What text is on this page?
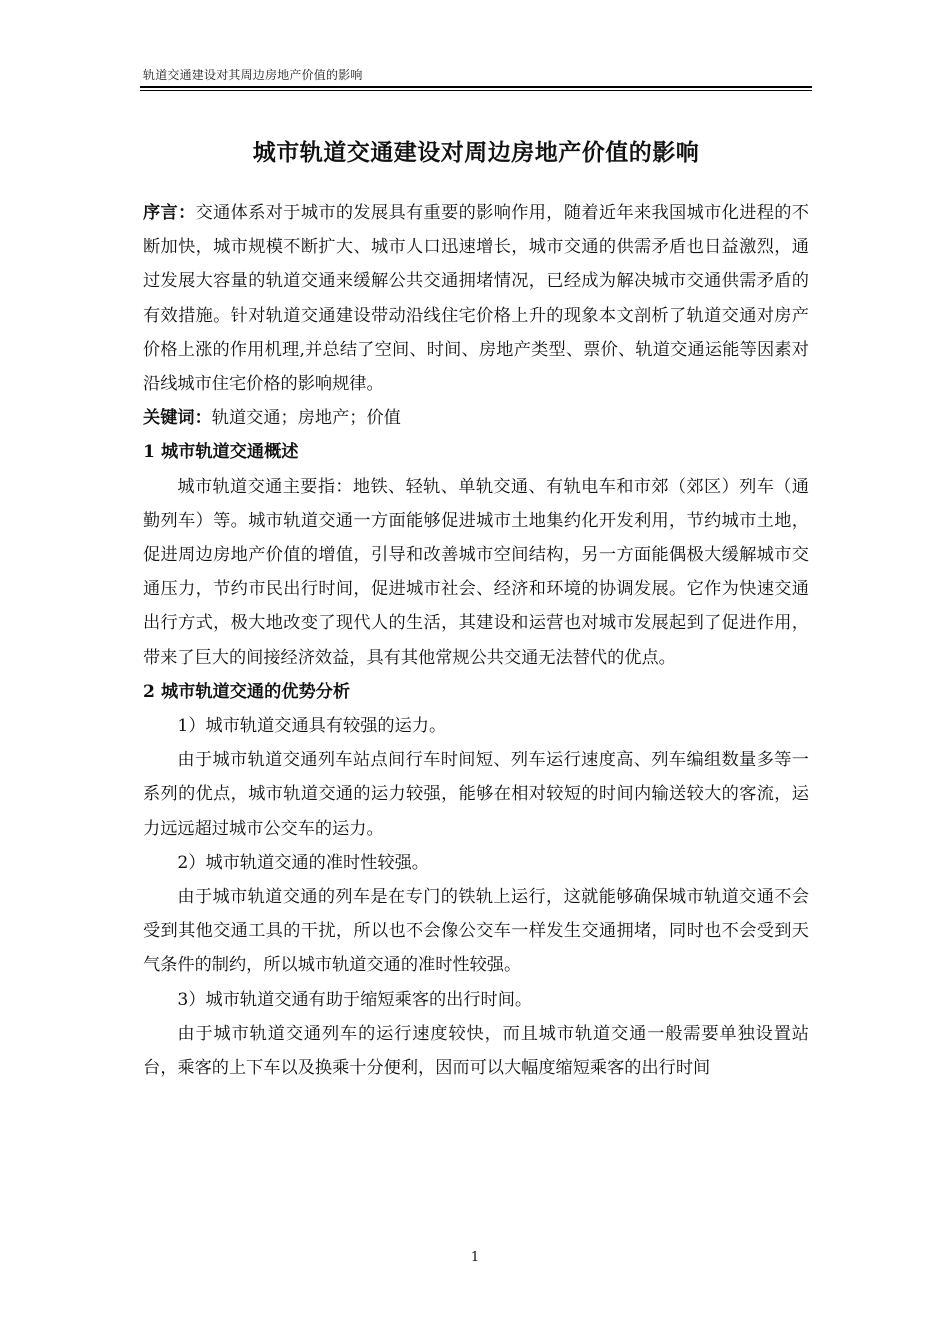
轨道交通建设对其周边房地产价值的影响
城市轨道交通建设对周边房地产价值的影响

序言：交通体系对于城市的发展具有重要的影响作用，随着近年来我国城市化进程的不断加快，城市规模不断扩大、城市人口迅速增长，城市交通的供需矛盾也日益激烈，通过发展大容量的轨道交通来缓解公共交通拥堵情况，已经成为解决城市交通供需矛盾的有效措施。针对轨道交通建设带动沿线住宅价格上升的现象本文剖析了轨道交通对房产价格上涨的作用机理,并总结了空间、时间、房地产类型、票价、轨道交通运能等因素对沿线城市住宅价格的影响规律。

关键词：轨道交通；房地产；价值

1 城市轨道交通概述

城市轨道交通主要指：地铁、轻轨、单轨交通、有轨电车和市郊（郊区）列车（通勤列车）等。城市轨道交通一方面能够促进城市土地集约化开发利用，节约城市土地，促进周边房地产价值的增值，引导和改善城市空间结构，另一方面能偶极大缓解城市交通压力，节约市民出行时间，促进城市社会、经济和环境的协调发展。它作为快速交通出行方式，极大地改变了现代人的生活，其建设和运营也对城市发展起到了促进作用，带来了巨大的间接经济效益，具有其他常规公共交通无法替代的优点。

2 城市轨道交通的优势分析

1）城市轨道交通具有较强的运力。

由于城市轨道交通列车站点间行车时间短、列车运行速度高、列车编组数量多等一系列的优点，城市轨道交通的运力较强，能够在相对较短的时间内输送较大的客流，运力远远超过城市公交车的运力。

2）城市轨道交通的准时性较强。

由于城市轨道交通的列车是在专门的铁轨上运行，这就能够确保城市轨道交通不会受到其他交通工具的干扰，所以也不会像公交车一样发生交通拥堵，同时也不会受到天气条件的制约，所以城市轨道交通的准时性较强。

3）城市轨道交通有助于缩短乘客的出行时间。

由于城市轨道交通列车的运行速度较快，而且城市轨道交通一般需要单独设置站台，乘客的上下车以及换乘十分便利，因而可以大幅度缩短乘客的出行时间

1
